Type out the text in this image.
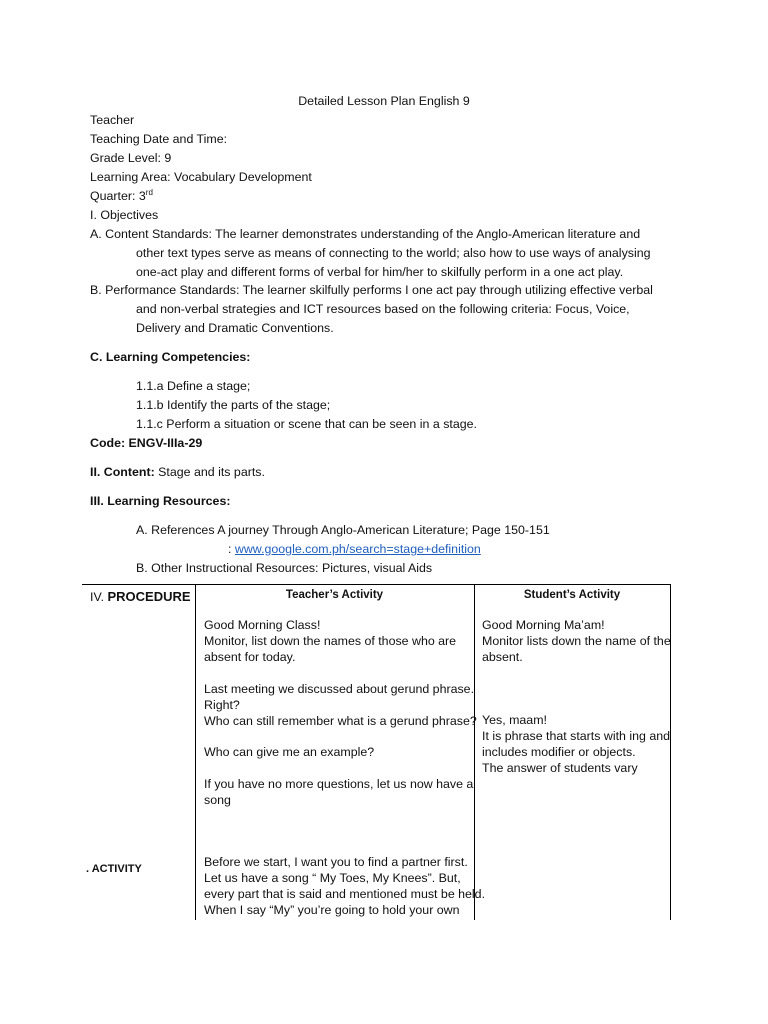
Detailed Lesson Plan English 9
Teacher
Teaching Date and Time:
Grade Level: 9
Learning Area: Vocabulary Development
Quarter: 3rd
I. Objectives
A. Content Standards: The learner demonstrates understanding of the Anglo-American literature and
other text types serve as means of connecting to the world; also how to use ways of analysing
one-act play and different forms of verbal for him/her to skilfully perform in a one act play.
B. Performance Standards: The learner skilfully performs I one act pay through utilizing effective verbal
and non-verbal strategies and ICT resources based on the following criteria: Focus, Voice,
Delivery and Dramatic Conventions.
C. Learning Competencies:
1.1.a Define a stage;
1.1.b Identify the parts of the stage;
1.1.c Perform a situation or scene that can be seen in a stage.
Code: ENGV-IIIa-29
II. Content: Stage and its parts.
III. Learning Resources:
A. References A journey Through Anglo-American Literature; Page 150-151
: www.google.com.ph/search=stage+definition
B. Other Instructional Resources: Pictures, visual Aids
IV. PROCEDURE	Teacher’s Activity	Student’s Activity
. ACTIVITY
Good Morning Class!
Monitor, list down the names of those who are
absent for today.
Last meeting we discussed about gerund phrase.
Right?
Who can still remember what is a gerund phrase?
Who can give me an example?
If you have no more questions, let us now have a
song
Before we start, I want you to find a partner first.
Let us have a song “ My Toes, My Knees”. But,
every part that is said and mentioned must be held.
When I say “My” you’re going to hold your own
Good Morning Ma’am!
Monitor lists down the name of the
absent.
Yes, maam!
It is phrase that starts with ing and
includes modifier or objects.
The answer of students vary
